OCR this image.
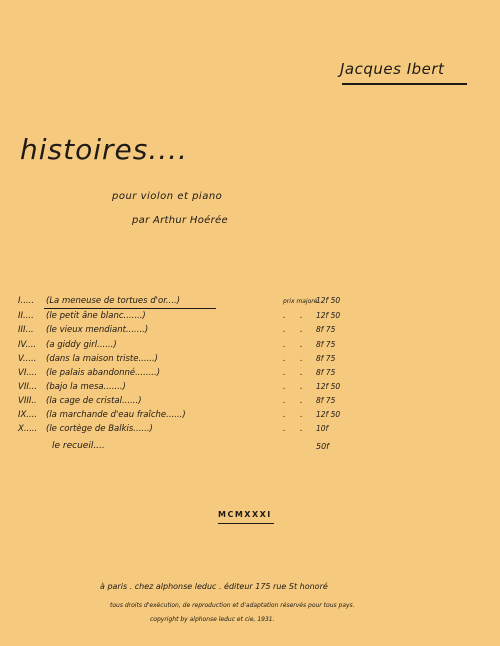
Jacques Ibert
histoires....
pour violon et piano
par Arthur Hoérée
prix majoré
I..... (La meneuse de tortues d'or....)	12f 50
II.... (le petit âne blanc.......)	. . 12f 50
III... (le vieux mendiant.......)	. . 8f 75
IV.... (a giddy girl......)	. . 8f 75
V..... (dans la maison triste......)	. . 8f 75
VI.... (le palais abandonné........)	. . 8f 75
VII... (bajo la mesa.......)	. . 12f 50
VIII.. (la cage de cristal......)	. . 8f 75
IX.... (la marchande d'eau fraîche......)	. . 12f 50
X..... (le cortège de Balkis......)	. . 10f
le recueil....	50f
MCMXXXI
à paris . chez alphonse leduc . éditeur 175 rue St honoré
tous droits d'exécution, de reproduction et d'adaptation réservés pour tous pays.
copyright by alphonse leduc et cie, 1931.
